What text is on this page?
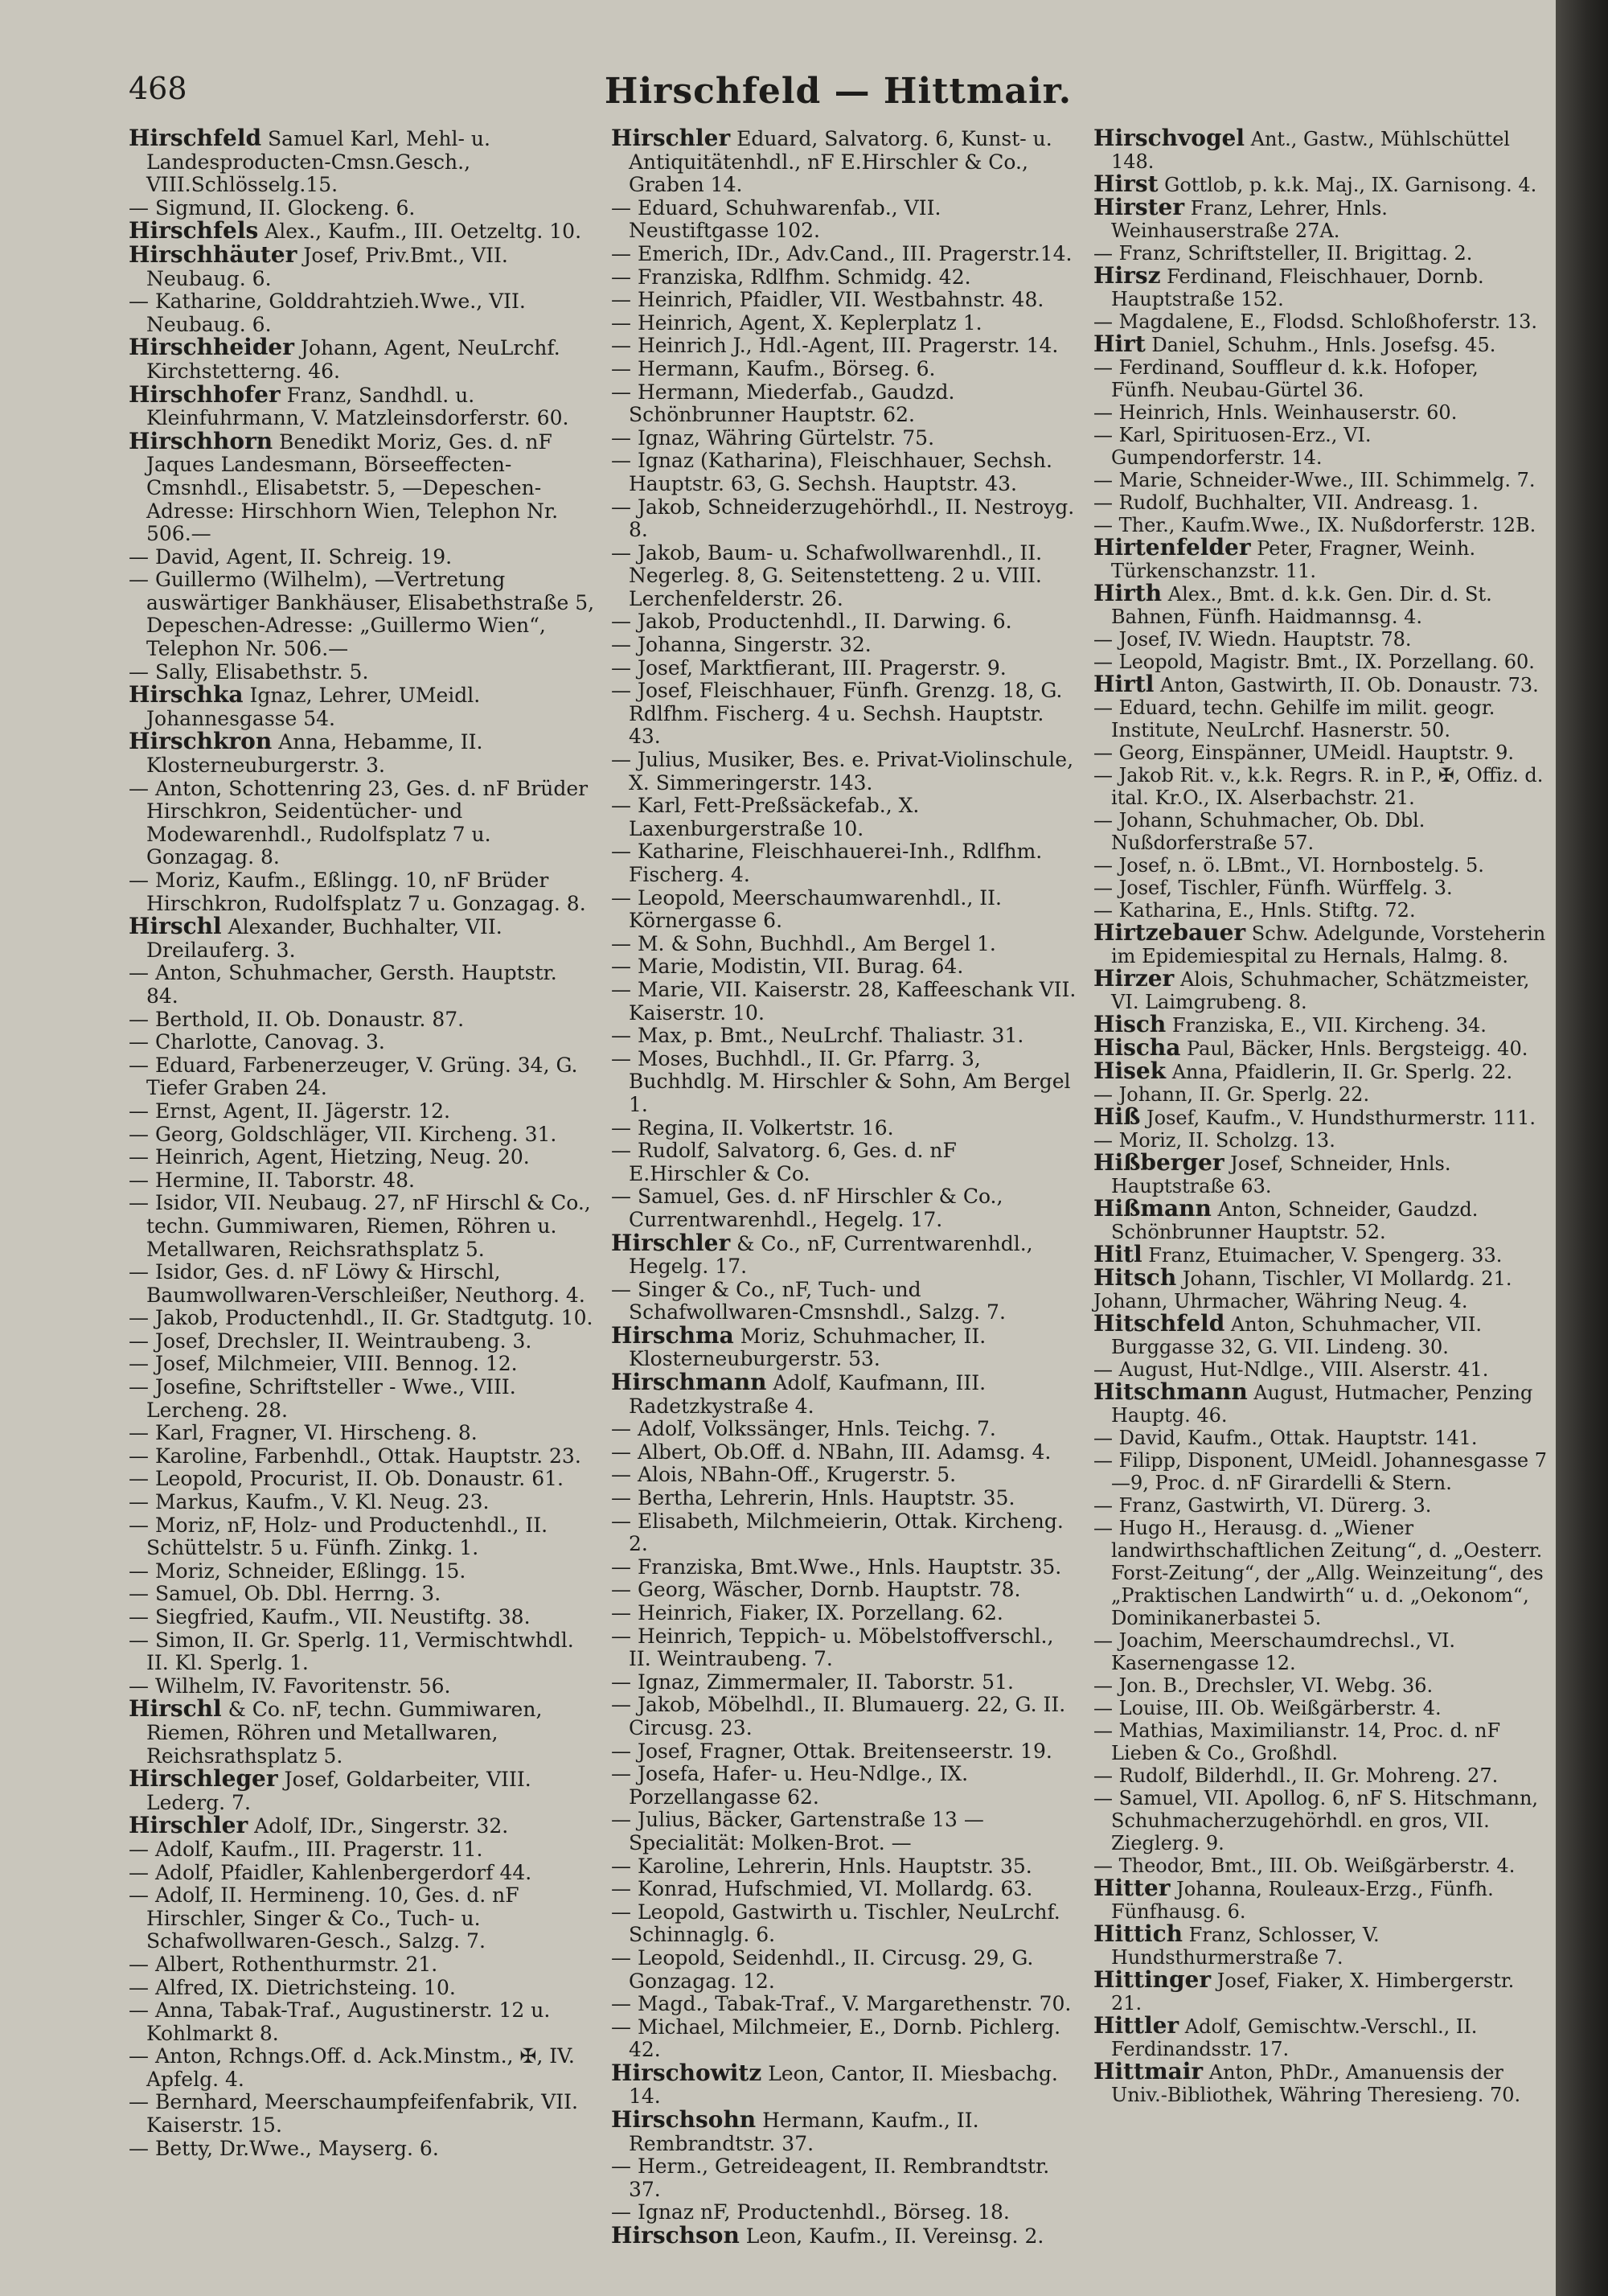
468	Hirschfeld — Hittmair.

Hirschfeld Samuel Karl, Mehl- u. Landesproducten-Cmsn.Gesch., VIII.Schlösselg.15.

— Sigmund, II. Glockeng. 6.

Hirschfels Alex., Kaufm., III. Oetzeltg. 10.

Hirschhäuter Josef, Priv.Bmt., VII. Neubaug. 6.

— Katharine, Golddrahtzieh.Wwe., VII. Neubaug. 6.

Hirschheider Johann, Agent, NeuLrchf. Kirchstetterng. 46.

Hirschhofer Franz, Sandhdl. u. Kleinfuhrmann, V. Matzleinsdorferstr. 60.

Hirschhorn Benedikt Moriz, Ges. d. nF Jaques Landesmann, Börseeffecten-Cmsnhdl., Elisabetstr. 5, —Depeschen-Adresse: Hirschhorn Wien, Telephon Nr. 506.—

— David, Agent, II. Schreig. 19.

— Guillermo (Wilhelm), —Vertretung auswärtiger Bankhäuser, Elisabethstraße 5, Depeschen-Adresse: „Guillermo Wien“, Telephon Nr. 506.—

— Sally, Elisabethstr. 5.

Hirschka Ignaz, Lehrer, UMeidl. Johannesgasse 54.

Hirschkron Anna, Hebamme, II. Klosterneuburgerstr. 3.

— Anton, Schottenring 23, Ges. d. nF Brüder Hirschkron, Seidentücher- und Modewarenhdl., Rudolfsplatz 7 u. Gonzagag. 8.

— Moriz, Kaufm., Eßlingg. 10, nF Brüder Hirschkron, Rudolfsplatz 7 u. Gonzagag. 8.

Hirschl Alexander, Buchhalter, VII. Dreilauferg. 3.

— Anton, Schuhmacher, Gersth. Hauptstr. 84.

— Berthold, II. Ob. Donaustr. 87.

— Charlotte, Canovag. 3.

— Eduard, Farbenerzeuger, V. Grüng. 34, G. Tiefer Graben 24.

— Ernst, Agent, II. Jägerstr. 12.

— Georg, Goldschläger, VII. Kircheng. 31.

— Heinrich, Agent, Hietzing, Neug. 20.

— Hermine, II. Taborstr. 48.

— Isidor, VII. Neubaug. 27, nF Hirschl & Co., techn. Gummiwaren, Riemen, Röhren u. Metallwaren, Reichsrathsplatz 5.

— Isidor, Ges. d. nF Löwy & Hirschl, Baumwollwaren-Verschleißer, Neuthorg. 4.

— Jakob, Productenhdl., II. Gr. Stadtgutg. 10.

— Josef, Drechsler, II. Weintraubeng. 3.

— Josef, Milchmeier, VIII. Bennog. 12.

— Josefine, Schriftsteller - Wwe., VIII. Lercheng. 28.

— Karl, Fragner, VI. Hirscheng. 8.

— Karoline, Farbenhdl., Ottak. Hauptstr. 23.

— Leopold, Procurist, II. Ob. Donaustr. 61.

— Markus, Kaufm., V. Kl. Neug. 23.

— Moriz, nF, Holz- und Productenhdl., II. Schüttelstr. 5 u. Fünfh. Zinkg. 1.

— Moriz, Schneider, Eßlingg. 15.

— Samuel, Ob. Dbl. Herrng. 3.

— Siegfried, Kaufm., VII. Neustiftg. 38.

— Simon, II. Gr. Sperlg. 11, Vermischtwhdl. II. Kl. Sperlg. 1.

— Wilhelm, IV. Favoritenstr. 56.

Hirschl & Co. nF, techn. Gummiwaren, Riemen, Röhren und Metallwaren, Reichsrathsplatz 5.

Hirschleger Josef, Goldarbeiter, VIII. Lederg. 7.

Hirschler Adolf, IDr., Singerstr. 32.

— Adolf, Kaufm., III. Pragerstr. 11.

— Adolf, Pfaidler, Kahlenbergerdorf 44.

— Adolf, II. Hermineng. 10, Ges. d. nF Hirschler, Singer & Co., Tuch- u. Schafwollwaren-Gesch., Salzg. 7.

— Albert, Rothenthurmstr. 21.

— Alfred, IX. Dietrichsteing. 10.

— Anna, Tabak-Traf., Augustinerstr. 12 u. Kohlmarkt 8.

— Anton, Rchngs.Off. d. Ack.Minstm., ✠, IV. Apfelg. 4.

— Bernhard, Meerschaumpfeifenfabrik, VII. Kaiserstr. 15.

— Betty, Dr.Wwe., Mayserg. 6.

Hirschler Eduard, Salvatorg. 6, Kunst- u. Antiquitätenhdl., nF E.Hirschler & Co., Graben 14.

— Eduard, Schuhwarenfab., VII. Neustiftgasse 102.

— Emerich, IDr., Adv.Cand., III. Pragerstr.14.

— Franziska, Rdlfhm. Schmidg. 42.

— Heinrich, Pfaidler, VII. Westbahnstr. 48.

— Heinrich, Agent, X. Keplerplatz 1.

— Heinrich J., Hdl.-Agent, III. Pragerstr. 14.

— Hermann, Kaufm., Börseg. 6.

— Hermann, Miederfab., Gaudzd. Schönbrunner Hauptstr. 62.

— Ignaz, Währing Gürtelstr. 75.

— Ignaz (Katharina), Fleischhauer, Sechsh. Hauptstr. 63, G. Sechsh. Hauptstr. 43.

— Jakob, Schneiderzugehörhdl., II. Nestroyg. 8.

— Jakob, Baum- u. Schafwollwarenhdl., II. Negerleg. 8, G. Seitenstetteng. 2 u. VIII. Lerchenfelderstr. 26.

— Jakob, Productenhdl., II. Darwing. 6.

— Johanna, Singerstr. 32.

— Josef, Marktfierant, III. Pragerstr. 9.

— Josef, Fleischhauer, Fünfh. Grenzg. 18, G. Rdlfhm. Fischerg. 4 u. Sechsh. Hauptstr. 43.

— Julius, Musiker, Bes. e. Privat-Violinschule, X. Simmeringerstr. 143.

— Karl, Fett-Preßsäckefab., X. Laxenburgerstraße 10.

— Katharine, Fleischhauerei-Inh., Rdlfhm. Fischerg. 4.

— Leopold, Meerschaumwarenhdl., II. Körnergasse 6.

— M. & Sohn, Buchhdl., Am Bergel 1.

— Marie, Modistin, VII. Burag. 64.

— Marie, VII. Kaiserstr. 28, Kaffeeschank VII. Kaiserstr. 10.

— Max, p. Bmt., NeuLrchf. Thaliastr. 31.

— Moses, Buchhdl., II. Gr. Pfarrg. 3, Buchhdlg. M. Hirschler & Sohn, Am Bergel 1.

— Regina, II. Volkertstr. 16.

— Rudolf, Salvatorg. 6, Ges. d. nF E.Hirschler & Co.

— Samuel, Ges. d. nF Hirschler & Co., Currentwarenhdl., Hegelg. 17.

Hirschler & Co., nF, Currentwarenhdl., Hegelg. 17.

— Singer & Co., nF, Tuch- und Schafwollwaren-Cmsnshdl., Salzg. 7.

Hirschma Moriz, Schuhmacher, II. Klosterneuburgerstr. 53.

Hirschmann Adolf, Kaufmann, III. Radetzkystraße 4.

— Adolf, Volkssänger, Hnls. Teichg. 7.

— Albert, Ob.Off. d. NBahn, III. Adamsg. 4.

— Alois, NBahn-Off., Krugerstr. 5.

— Bertha, Lehrerin, Hnls. Hauptstr. 35.

— Elisabeth, Milchmeierin, Ottak. Kircheng. 2.

— Franziska, Bmt.Wwe., Hnls. Hauptstr. 35.

— Georg, Wäscher, Dornb. Hauptstr. 78.

— Heinrich, Fiaker, IX. Porzellang. 62.

— Heinrich, Teppich- u. Möbelstoffverschl., II. Weintraubeng. 7.

— Ignaz, Zimmermaler, II. Taborstr. 51.

— Jakob, Möbelhdl., II. Blumauerg. 22, G. II. Circusg. 23.

— Josef, Fragner, Ottak. Breitenseerstr. 19.

— Josefa, Hafer- u. Heu-Ndlge., IX. Porzellangasse 62.

— Julius, Bäcker, Gartenstraße 13 — Specialität: Molken-Brot. —

— Karoline, Lehrerin, Hnls. Hauptstr. 35.

— Konrad, Hufschmied, VI. Mollardg. 63.

— Leopold, Gastwirth u. Tischler, NeuLrchf. Schinnaglg. 6.

— Leopold, Seidenhdl., II. Circusg. 29, G. Gonzagag. 12.

— Magd., Tabak-Traf., V. Margarethenstr. 70.

— Michael, Milchmeier, E., Dornb. Pichlerg. 42.

Hirschowitz Leon, Cantor, II. Miesbachg. 14.

Hirschsohn Hermann, Kaufm., II. Rembrandtstr. 37.

— Herm., Getreideagent, II. Rembrandtstr. 37.

— Ignaz nF, Productenhdl., Börseg. 18.

Hirschson Leon, Kaufm., II. Vereinsg. 2.

Hirschvogel Ant., Gastw., Mühlschüttel 148.

Hirst Gottlob, p. k.k. Maj., IX. Garnisong. 4.

Hirster Franz, Lehrer, Hnls. Weinhauserstraße 27A.

— Franz, Schriftsteller, II. Brigittag. 2.

Hirsz Ferdinand, Fleischhauer, Dornb. Hauptstraße 152.

— Magdalene, E., Flodsd. Schloßhoferstr. 13.

Hirt Daniel, Schuhm., Hnls. Josefsg. 45.

— Ferdinand, Souffleur d. k.k. Hofoper, Fünfh. Neubau-Gürtel 36.

— Heinrich, Hnls. Weinhauserstr. 60.

— Karl, Spirituosen-Erz., VI. Gumpendorferstr. 14.

— Marie, Schneider-Wwe., III. Schimmelg. 7.

— Rudolf, Buchhalter, VII. Andreasg. 1.

— Ther., Kaufm.Wwe., IX. Nußdorferstr. 12B.

Hirtenfelder Peter, Fragner, Weinh. Türkenschanzstr. 11.

Hirth Alex., Bmt. d. k.k. Gen. Dir. d. St. Bahnen, Fünfh. Haidmannsg. 4.

— Josef, IV. Wiedn. Hauptstr. 78.

— Leopold, Magistr. Bmt., IX. Porzellang. 60.

Hirtl Anton, Gastwirth, II. Ob. Donaustr. 73.

— Eduard, techn. Gehilfe im milit. geogr. Institute, NeuLrchf. Hasnerstr. 50.

— Georg, Einspänner, UMeidl. Hauptstr. 9.

— Jakob Rit. v., k.k. Regrs. R. in P., ✠, Offiz. d. ital. Kr.O., IX. Alserbachstr. 21.

— Johann, Schuhmacher, Ob. Dbl. Nußdorferstraße 57.

— Josef, n. ö. LBmt., VI. Hornbostelg. 5.

— Josef, Tischler, Fünfh. Würffelg. 3.

— Katharina, E., Hnls. Stiftg. 72.

Hirtzebauer Schw. Adelgunde, Vorsteherin im Epidemiespital zu Hernals, Halmg. 8.

Hirzer Alois, Schuhmacher, Schätzmeister, VI. Laimgrubeng. 8.

Hisch Franziska, E., VII. Kircheng. 34.

Hischa Paul, Bäcker, Hnls. Bergsteigg. 40.

Hisek Anna, Pfaidlerin, II. Gr. Sperlg. 22.

— Johann, II. Gr. Sperlg. 22.

Hiß Josef, Kaufm., V. Hundsthurmerstr. 111.

— Moriz, II. Scholzg. 13.

Hißberger Josef, Schneider, Hnls. Hauptstraße 63.

Hißmann Anton, Schneider, Gaudzd. Schönbrunner Hauptstr. 52.

Hitl Franz, Etuimacher, V. Spengerg. 33.

Hitsch Johann, Tischler, VI Mollardg. 21.

Johann, Uhrmacher, Währing Neug. 4.

Hitschfeld Anton, Schuhmacher, VII. Burggasse 32, G. VII. Lindeng. 30.

— August, Hut-Ndlge., VIII. Alserstr. 41.

Hitschmann August, Hutmacher, Penzing Hauptg. 46.

— David, Kaufm., Ottak. Hauptstr. 141.

— Filipp, Disponent, UMeidl. Johannesgasse 7—9, Proc. d. nF Girardelli & Stern.

— Franz, Gastwirth, VI. Dürerg. 3.

— Hugo H., Herausg. d. „Wiener landwirthschaftlichen Zeitung“, d. „Oesterr. Forst-Zeitung“, der „Allg. Weinzeitung“, des „Praktischen Landwirth“ u. d. „Oekonom“, Dominikanerbastei 5.

— Joachim, Meerschaumdrechsl., VI. Kasernengasse 12.

— Jon. B., Drechsler, VI. Webg. 36.

— Louise, III. Ob. Weißgärberstr. 4.

— Mathias, Maximilianstr. 14, Proc. d. nF Lieben & Co., Großhdl.

— Rudolf, Bilderhdl., II. Gr. Mohreng. 27.

— Samuel, VII. Apollog. 6, nF S. Hitschmann, Schuhmacherzugehörhdl. en gros, VII. Zieglerg. 9.

— Theodor, Bmt., III. Ob. Weißgärberstr. 4.

Hitter Johanna, Rouleaux-Erzg., Fünfh. Fünfhausg. 6.

Hittich Franz, Schlosser, V. Hundsthurmerstraße 7.

Hittinger Josef, Fiaker, X. Himbergerstr. 21.

Hittler Adolf, Gemischtw.-Verschl., II. Ferdinandsstr. 17.

Hittmair Anton, PhDr., Amanuensis der Univ.-Bibliothek, Währing Theresieng. 70.
